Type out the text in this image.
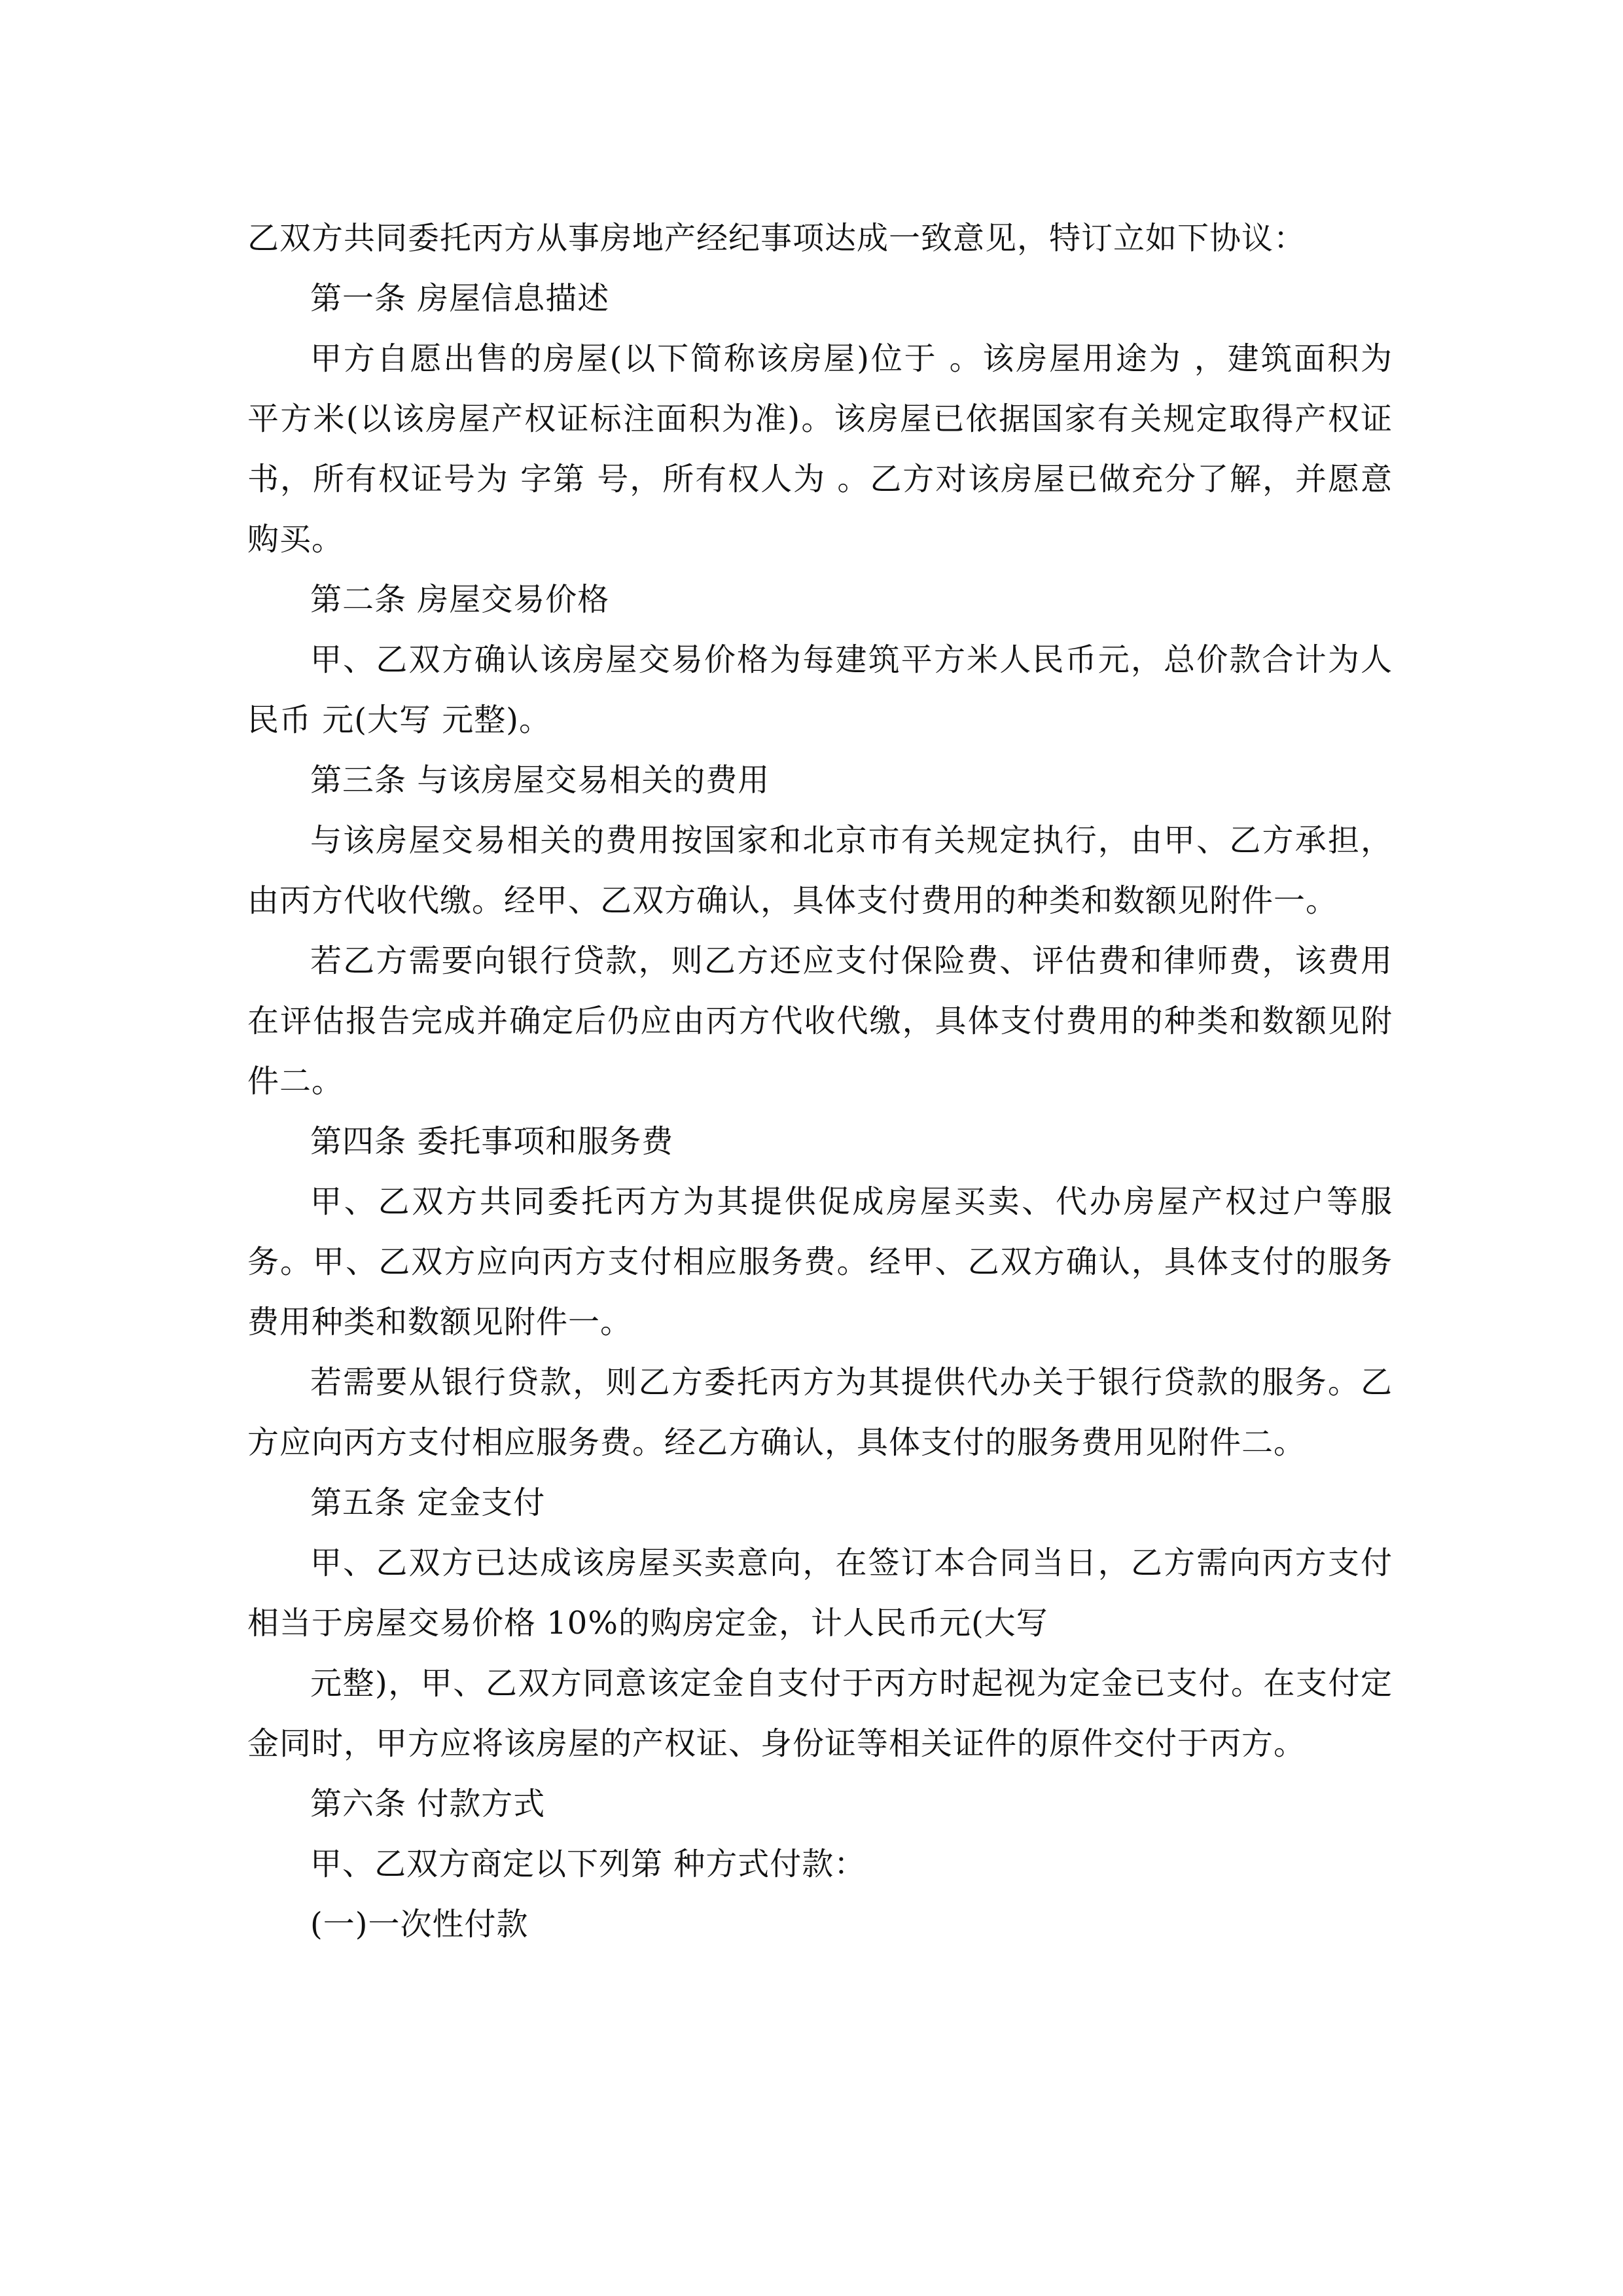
乙双方共同委托丙方从事房地产经纪事项达成一致意见，特订立如下协议：

第一条 房屋信息描述

甲方自愿出售的房屋(以下简称该房屋)位于 。该房屋用途为 ，建筑面积为 平方米(以该房屋产权证标注面积为准)。该房屋已依据国家有关规定取得产权证书，所有权证号为 字第 号，所有权人为 。乙方对该房屋已做充分了解，并愿意购买。

第二条 房屋交易价格

甲、乙双方确认该房屋交易价格为每建筑平方米人民币元，总价款合计为人民币 元(大写 元整)。

第三条 与该房屋交易相关的费用

与该房屋交易相关的费用按国家和北京市有关规定执行，由甲、乙方承担，由丙方代收代缴。经甲、乙双方确认，具体支付费用的种类和数额见附件一。

若乙方需要向银行贷款，则乙方还应支付保险费、评估费和律师费，该费用在评估报告完成并确定后仍应由丙方代收代缴，具体支付费用的种类和数额见附件二。

第四条 委托事项和服务费

甲、乙双方共同委托丙方为其提供促成房屋买卖、代办房屋产权过户等服务。甲、乙双方应向丙方支付相应服务费。经甲、乙双方确认，具体支付的服务费用种类和数额见附件一。

若需要从银行贷款，则乙方委托丙方为其提供代办关于银行贷款的服务。乙方应向丙方支付相应服务费。经乙方确认，具体支付的服务费用见附件二。

第五条 定金支付

甲、乙双方已达成该房屋买卖意向，在签订本合同当日，乙方需向丙方支付相当于房屋交易价格 10%的购房定金，计人民币元(大写

元整)，甲、乙双方同意该定金自支付于丙方时起视为定金已支付。在支付定金同时，甲方应将该房屋的产权证、身份证等相关证件的原件交付于丙方。

第六条 付款方式

甲、乙双方商定以下列第 种方式付款：

(一)一次性付款
